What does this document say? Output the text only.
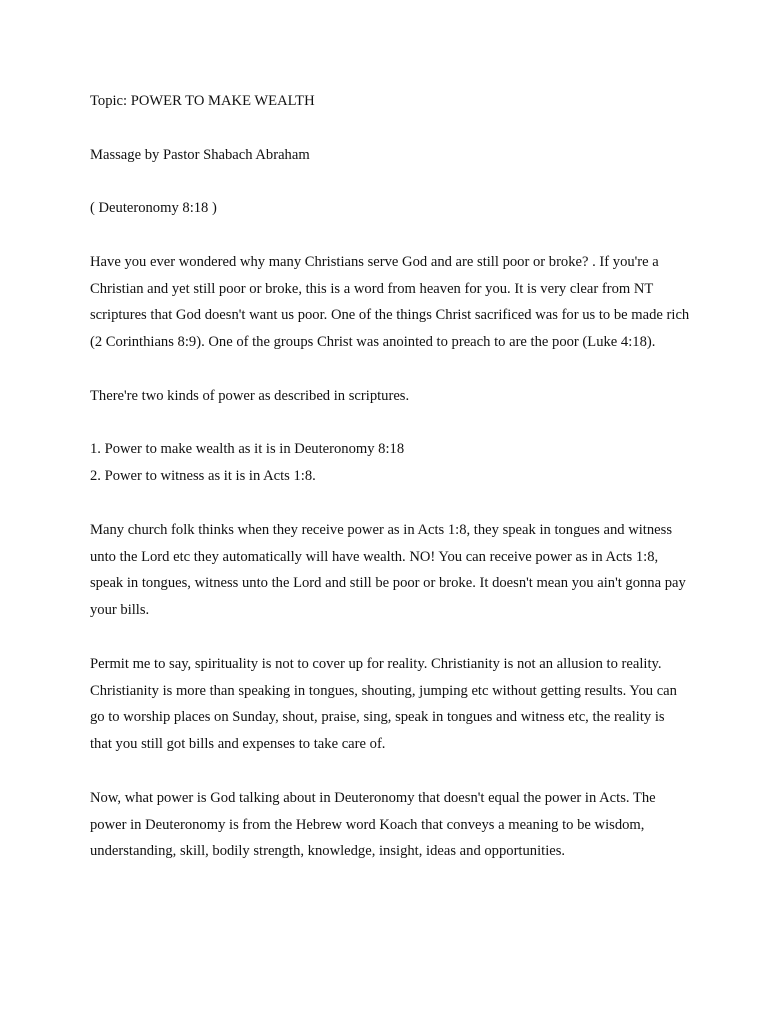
Topic: POWER TO MAKE WEALTH

Massage by Pastor Shabach Abraham

( Deuteronomy 8:18 )

Have you ever wondered why many Christians serve God and are still poor or broke? . If you're a Christian and yet still poor or broke, this is a word from heaven for you. It is very clear from NT scriptures that God doesn't want us poor. One of the things Christ sacrificed was for us to be made rich (2 Corinthians 8:9). One of the groups Christ was anointed to preach to are the poor (Luke 4:18).

There're two kinds of power as described in scriptures.

1. Power to make wealth as it is in Deuteronomy 8:18

2. Power to witness as it is in Acts 1:8.

Many church folk thinks when they receive power as in Acts 1:8, they speak in tongues and witness unto the Lord etc they automatically will have wealth. NO! You can receive power as in Acts 1:8, speak in tongues, witness unto the Lord and still be poor or broke. It doesn't mean you ain't gonna pay your bills.

Permit me to say, spirituality is not to cover up for reality. Christianity is not an allusion to reality. Christianity is more than speaking in tongues, shouting, jumping etc without getting results. You can go to worship places on Sunday, shout, praise, sing, speak in tongues and witness etc, the reality is that you still got bills and expenses to take care of.

Now, what power is God talking about in Deuteronomy that doesn't equal the power in Acts. The power in Deuteronomy is from the Hebrew word Koach that conveys a meaning to be wisdom, understanding, skill, bodily strength, knowledge, insight, ideas and opportunities.
